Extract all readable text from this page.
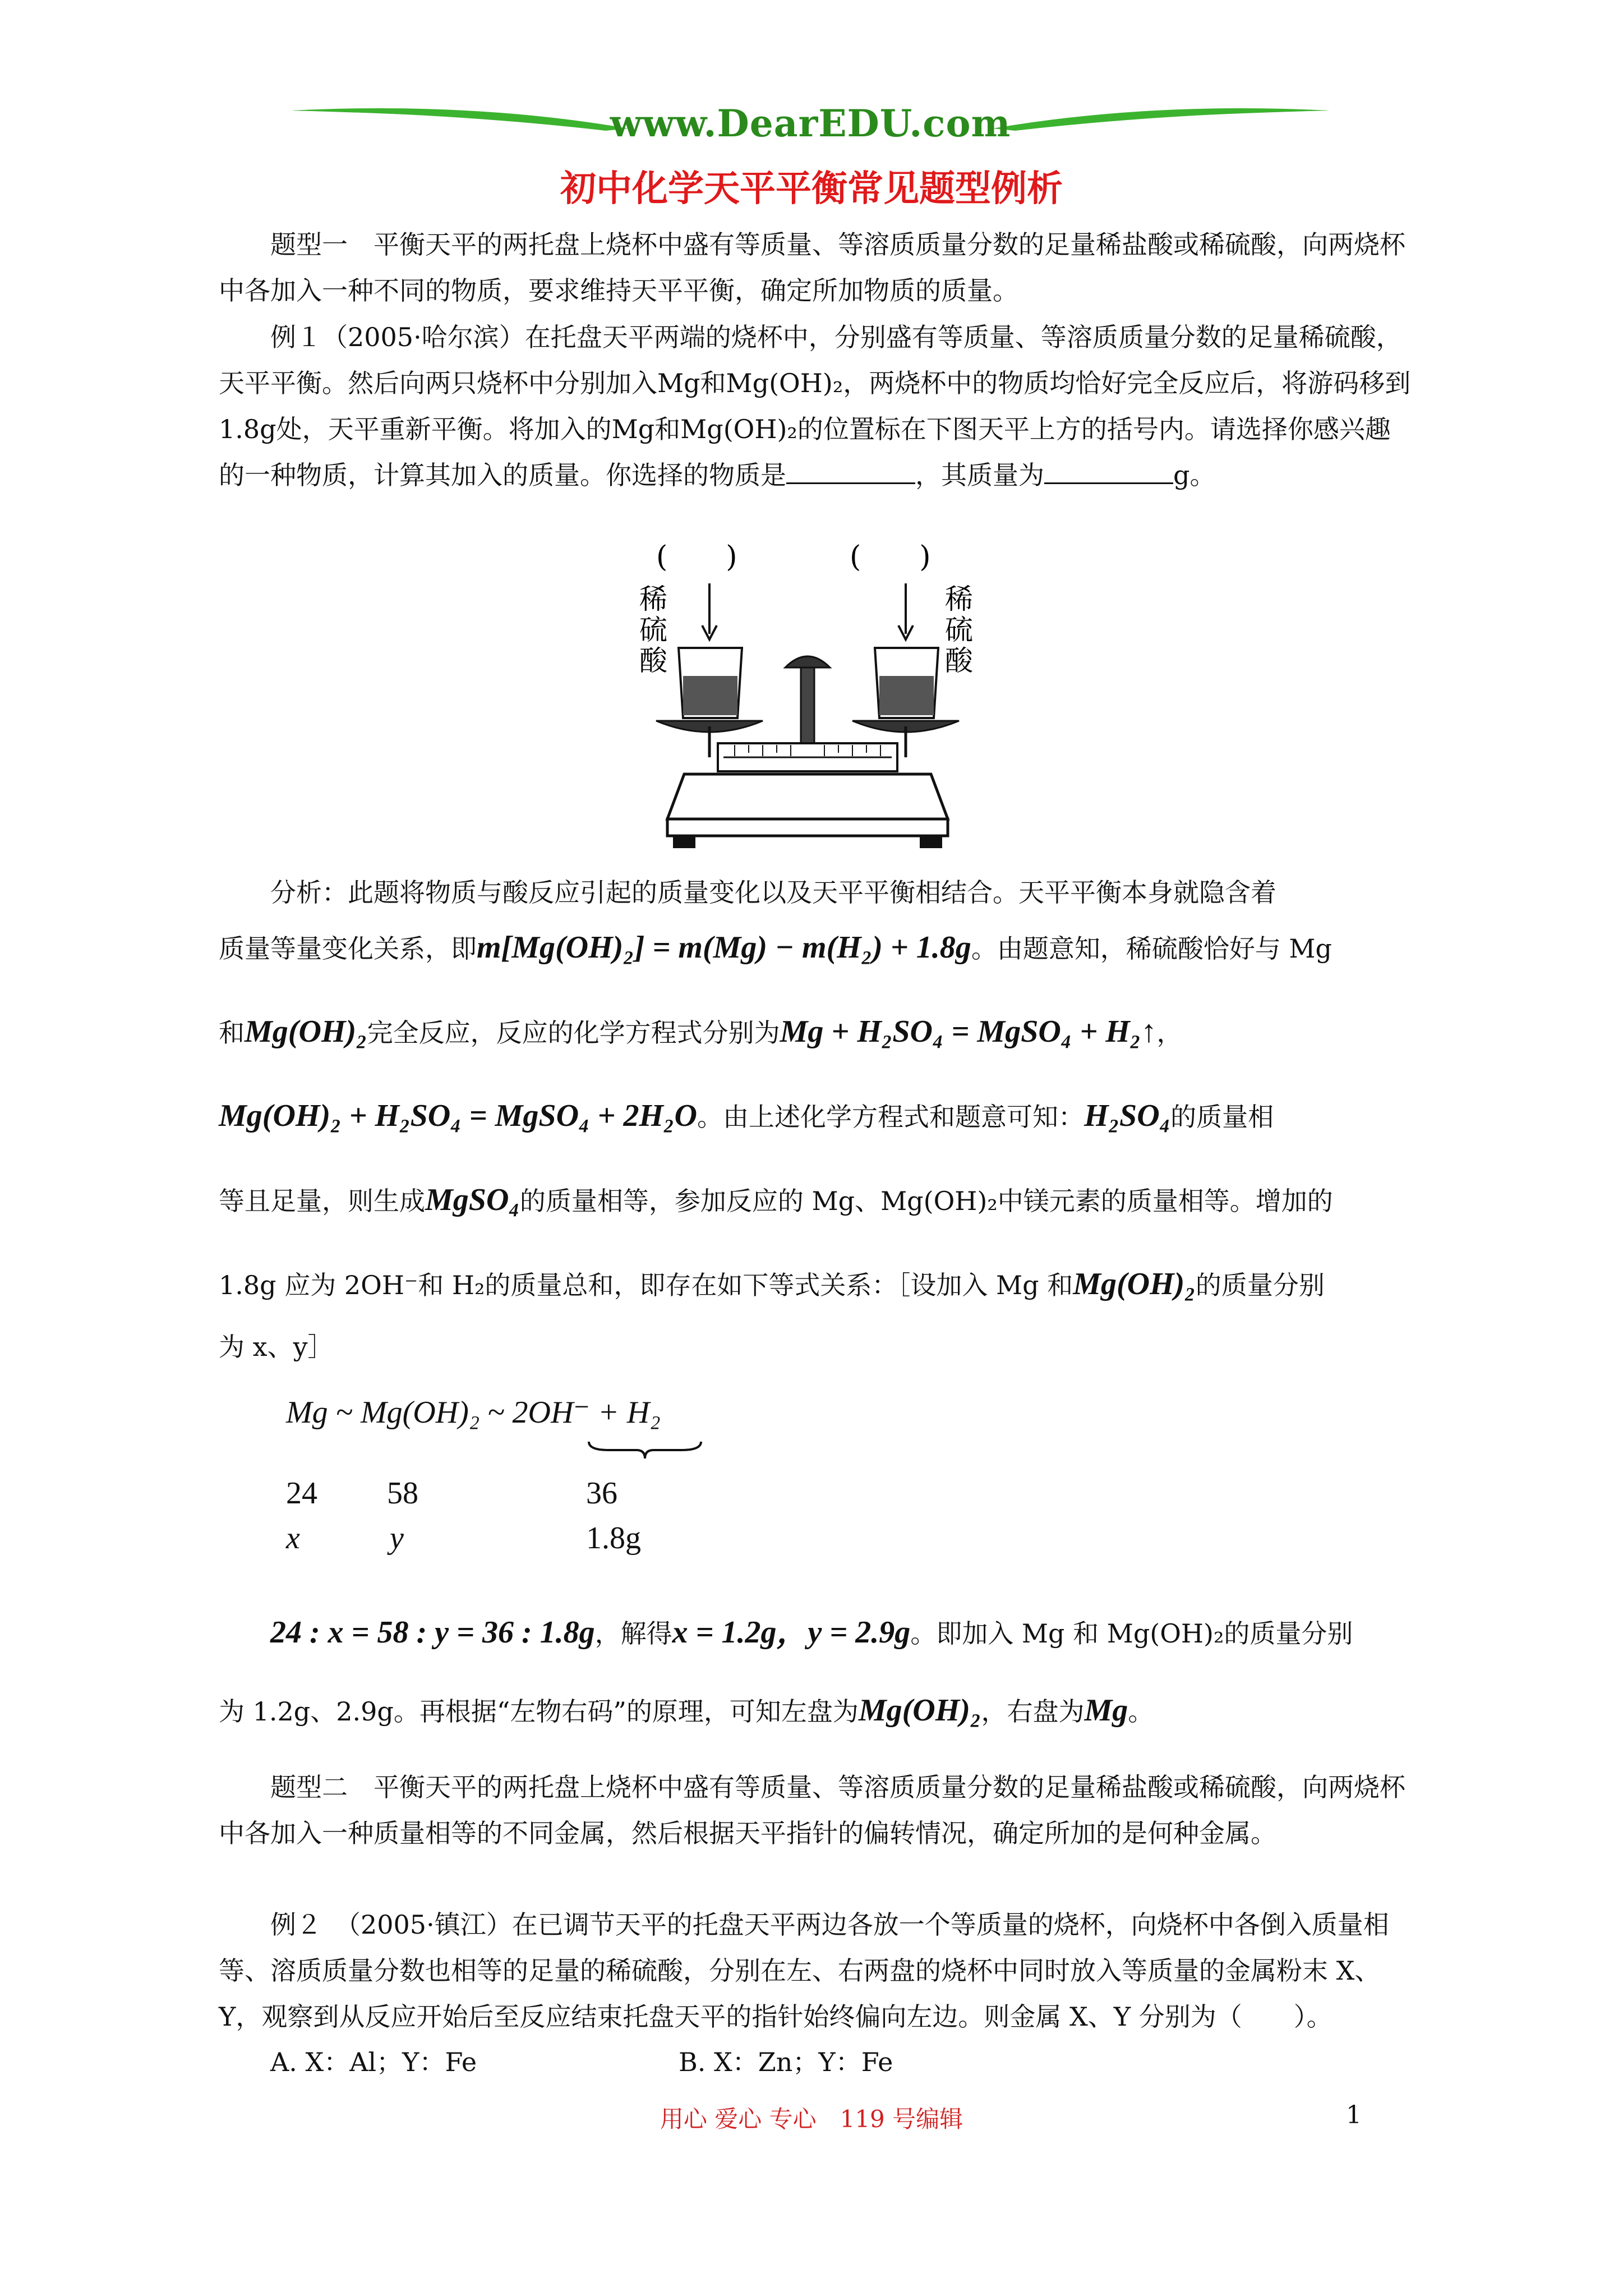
www.DearEDU.com
初中化学天平平衡常见题型例析

题型一　平衡天平的两托盘上烧杯中盛有等质量、等溶质质量分数的足量稀盐酸或稀硫酸，向两烧杯中各加入一种不同的物质，要求维持天平平衡，确定所加物质的质量。

例１（2005·哈尔滨）在托盘天平两端的烧杯中，分别盛有等质量、等溶质质量分数的足量稀硫酸，天平平衡。然后向两只烧杯中分别加入Mg和Mg(OH)₂，两烧杯中的物质均恰好完全反应后，将游码移到1.8g处，天平重新平衡。将加入的Mg和Mg(OH)₂的位置标在下图天平上方的括号内。请选择你感兴趣的一种物质，计算其加入的质量。你选择的物质是	，其质量为	g。

(　　)	(　　)
稀硫酸
稀硫酸

分析：此题将物质与酸反应引起的质量变化以及天平平衡相结合。天平平衡本身就隐含着

质量等量变化关系，即m[Mg(OH)₂] = m(Mg) − m(H₂) + 1.8g。由题意知，稀硫酸恰好与 Mg

和Mg(OH)₂完全反应，反应的化学方程式分别为Mg + H₂SO₄ = MgSO₄ + H₂↑，

Mg(OH)₂ + H₂SO₄ = MgSO₄ + 2H₂O。由上述化学方程式和题意可知：H₂SO₄的质量相

等且足量，则生成MgSO₄的质量相等，参加反应的 Mg、Mg(OH)₂中镁元素的质量相等。增加的

1.8g 应为 2OH⁻和 H₂的质量总和，即存在如下等式关系：［设加入 Mg 和Mg(OH)₂的质量分别

为 x、y］

Mg ~ Mg(OH)₂ ~ 2OH⁻ + H₂
24 58	36
x	y	1.8g

24 : x = 58 : y = 36 : 1.8g，解得x = 1.2g，y = 2.9g。即加入 Mg 和 Mg(OH)₂的质量分别

为 1.2g、2.9g。再根据“左物右码”的原理，可知左盘为Mg(OH)₂，右盘为Mg。

题型二　平衡天平的两托盘上烧杯中盛有等质量、等溶质质量分数的足量稀盐酸或稀硫酸，向两烧杯中各加入一种质量相等的不同金属，然后根据天平指针的偏转情况，确定所加的是何种金属。

例２　（2005·镇江）在已调节天平的托盘天平两边各放一个等质量的烧杯，向烧杯中各倒入质量相等、溶质质量分数也相等的足量的稀硫酸，分别在左、右两盘的烧杯中同时放入等质量的金属粉末 X、Y，观察到从反应开始后至反应结束托盘天平的指针始终偏向左边。则金属 X、Y 分别为（　　）。

A. X：Al；Y：Fe	B. X：Zn；Y：Fe

用心 爱心 专心　119 号编辑	1
